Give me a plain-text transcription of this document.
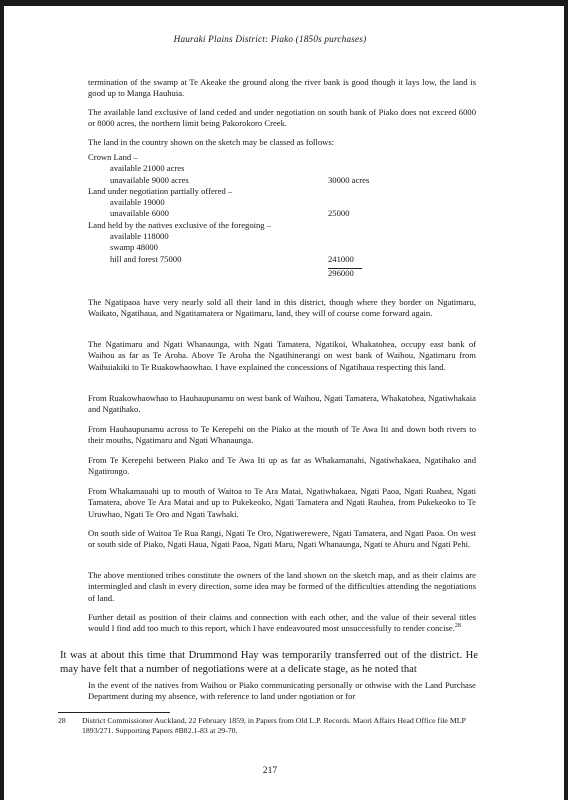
Hauraki Plains District: Piako (1850s purchases)

termination of the swamp at Te Akeake the ground along the river bank is good though it lays low, the land is good up to Manga Hauhuia.

The available land exclusive of land ceded and under negotiation on south bank of Piako does not exceed 6000 or 8000 acres, the northern limit being Pakorokoro Creek.

The land in the country shown on the sketch may be classed as follows:

Crown Land –
available 21000 acres
unavailable 9000 acres	30000 acres
Land under negotiation partially offered –
available 19000
unavailable 6000	25000
Land held by the natives exclusive of the foregoing –
available 118000
swamp 48000
hill and forest 75000	241000
296000

The Ngatipaoa have very nearly sold all their land in this district, though where they border on Ngatimaru, Waikato, Ngatihaua, and Ngatitamatera or Ngatimaru, land, they will of course come forward again.

The Ngatimaru and Ngati Whanaunga, with Ngati Tamatera, Ngatikoi, Whakatohea, occupy east bank of Waihou as far as Te Aroha. Above Te Aroha the Ngatihinerangi on west bank of Waihou, Ngatimaru from Waihuiakiki to Te Ruakowhaowhao. I have explained the concessions of Ngatihaua respecting this land.

From Ruakowhaowhao to Hauhaupunamu on west bank of Waihou, Ngati Tamatera, Whakatohea, Ngatiwhakaia and Ngatihako.

From Hauhaupunamu across to Te Kerepehi on the Piako at the mouth of Te Awa Iti and down both rivers to their mouths, Ngatimaru and Ngati Whanaunga.

From Te Kerepehi between Piako and Te Awa Iti up as far as Whakamanahi, Ngatiwhakaea, Ngatihako and Ngatirongo.

From Whakamauahi up to mouth of Waitoa to Te Ara Matai, Ngatiwhakaea, Ngati Paoa, Ngati Ruahea, Ngati Tamatera, above Te Ara Matai and up to Pukekeoko, Ngati Tamatera and Ngati Rauhea, from Pukekeoko to Te Uruwhao, Ngati Te Oro and Ngati Tawhaki.

On south side of Waitoa Te Rua Rangi, Ngati Te Oro, Ngatiwerewere, Ngati Tamatera, and Ngati Paoa. On west or south side of Piako, Ngati Haua, Ngati Paoa, Ngati Maru, Ngati Whanaunga, Ngati te Ahuru and Ngati Pehi.

The above mentioned tribes constitute the owners of the land shown on the sketch map, and as their claims are intermingled and clash in every direction, some idea may be formed of the difficulties attending the negotiations of land.

Further detail as position of their claims and connection with each other, and the value of their several titles would I find add too much to this report, which I have endeavoured most unsuccessfully to render concise.$^{28}$

It was at about this time that Drummond Hay was temporarily transferred out of the district. He may have felt that a number of negotiations were at a delicate stage, as he noted that

In the event of the natives from Waihou or Piako communicating personally or othwise with the Land Purchase Department during my absence, with reference to land under ngotiation or for

28 District Commissioner Auckland, 22 February 1859, in Papers from Old L.P. Records. Maori Affairs Head Office file MLP 1893/271. Supporting Papers #B82.1-83 at 29-70.
217
